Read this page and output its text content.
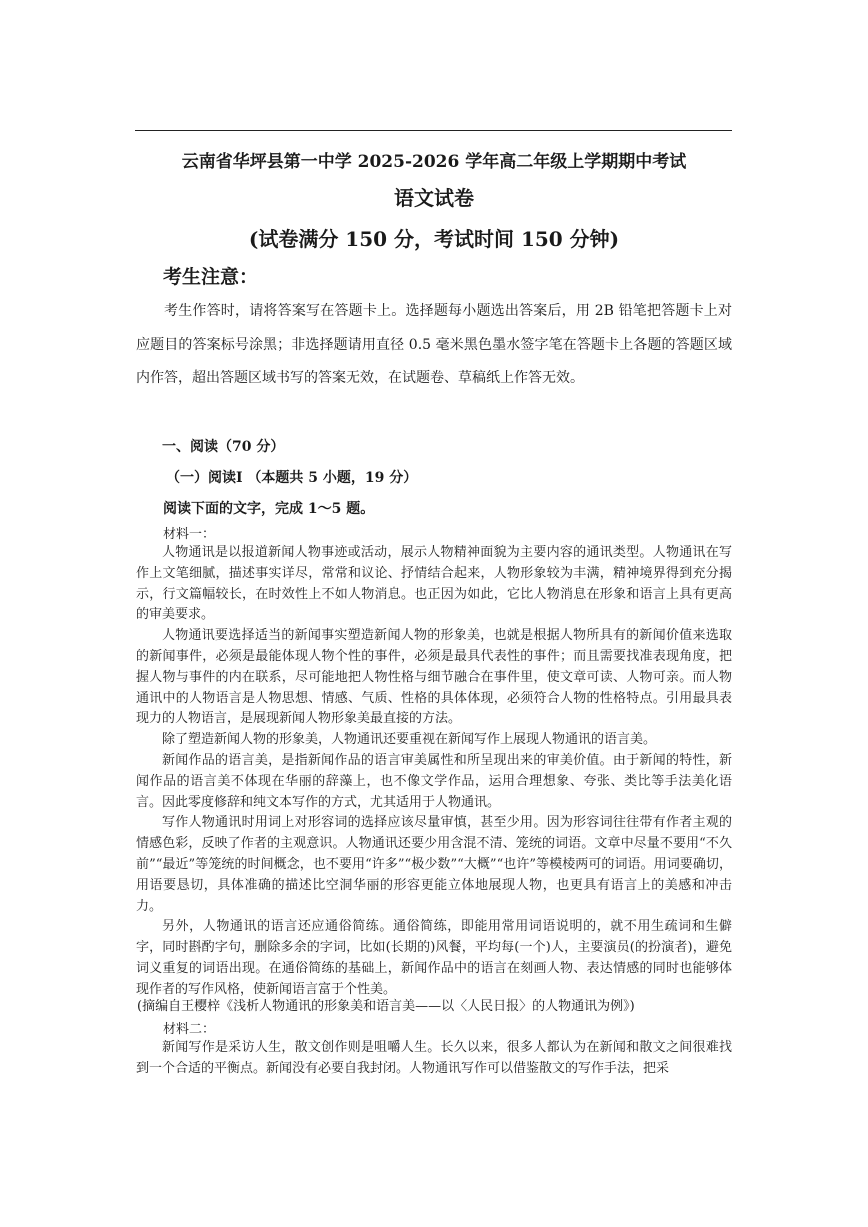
云南省华坪县第一中学 2025-2026 学年高二年级上学期期中考试
语文试卷
(试卷满分 150 分，考试时间 150 分钟)
考生注意：
考生作答时，请将答案写在答题卡上。选择题每小题选出答案后，用 2B 铅笔把答题卡上对应题目的答案标号涂黑；非选择题请用直径 0.5 毫米黑色墨水签字笔在答题卡上各题的答题区域内作答，超出答题区域书写的答案无效，在试题卷、草稿纸上作答无效。
一、阅读（70 分）
（一）阅读Ⅰ （本题共 5 小题，19 分）
阅读下面的文字，完成 1～5 题。
材料一：

人物通讯是以报道新闻人物事迹或活动，展示人物精神面貌为主要内容的通讯类型。人物通讯在写作上文笔细腻，描述事实详尽，常常和议论、抒情结合起来，人物形象较为丰满，精神境界得到充分揭示，行文篇幅较长，在时效性上不如人物消息。也正因为如此，它比人物消息在形象和语言上具有更高的审美要求。

人物通讯要选择适当的新闻事实塑造新闻人物的形象美，也就是根据人物所具有的新闻价值来选取的新闻事件，必须是最能体现人物个性的事件，必须是最具代表性的事件；而且需要找准表现角度，把握人物与事件的内在联系，尽可能地把人物性格与细节融合在事件里，使文章可读、人物可亲。而人物通讯中的人物语言是人物思想、情感、气质、性格的具体体现，必须符合人物的性格特点。引用最具表现力的人物语言，是展现新闻人物形象美最直接的方法。

除了塑造新闻人物的形象美，人物通讯还要重视在新闻写作上展现人物通讯的语言美。

新闻作品的语言美，是指新闻作品的语言审美属性和所呈现出来的审美价值。由于新闻的特性，新闻作品的语言美不体现在华丽的辞藻上，也不像文学作品，运用合理想象、夸张、类比等手法美化语言。因此零度修辞和纯文本写作的方式，尤其适用于人物通讯。

写作人物通讯时用词上对形容词的选择应该尽量审慎，甚至少用。因为形容词往往带有作者主观的情感色彩，反映了作者的主观意识。人物通讯还要少用含混不清、笼统的词语。文章中尽量不要用“不久前”“最近”等笼统的时间概念，也不要用“许多”“极少数”“大概”“也许”等模棱两可的词语。用词要确切，用语要恳切，具体准确的描述比空洞华丽的形容更能立体地展现人物，也更具有语言上的美感和冲击力。

另外，人物通讯的语言还应通俗简练。通俗简练，即能用常用词语说明的，就不用生疏词和生僻字，同时斟酌字句，删除多余的字词，比如(长期的)风餐，平均每(一个)人，主要演员(的扮演者)，避免词义重复的词语出现。在通俗简练的基础上，新闻作品中的语言在刻画人物、表达情感的同时也能够体现作者的写作风格，使新闻语言富于个性美。

(摘编自王樱梓《浅析人物通讯的形象美和语言美——以〈人民日报〉的人物通讯为例》)
材料二：

新闻写作是采访人生，散文创作则是咀嚼人生。长久以来，很多人都认为在新闻和散文之间很难找到一个合适的平衡点。新闻没有必要自我封闭。人物通讯写作可以借鉴散文的写作手法，把采
